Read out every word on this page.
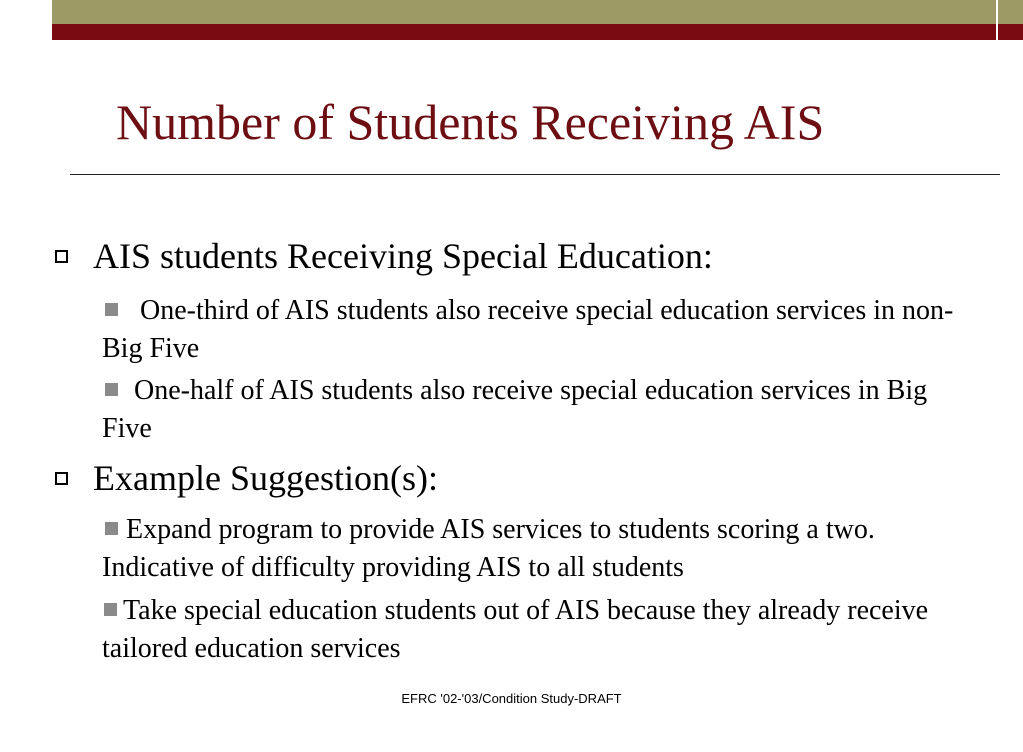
Number of Students Receiving AIS
AIS students Receiving Special Education:
One-third of AIS students also receive special education services in non-Big Five
One-half of AIS students also receive special education services in Big Five
Example Suggestion(s):
Expand program to provide AIS services to students scoring a two. Indicative of difficulty providing AIS to all students
Take special education students out of AIS because they already receive tailored education services
EFRC '02-'03/Condition Study-DRAFT
